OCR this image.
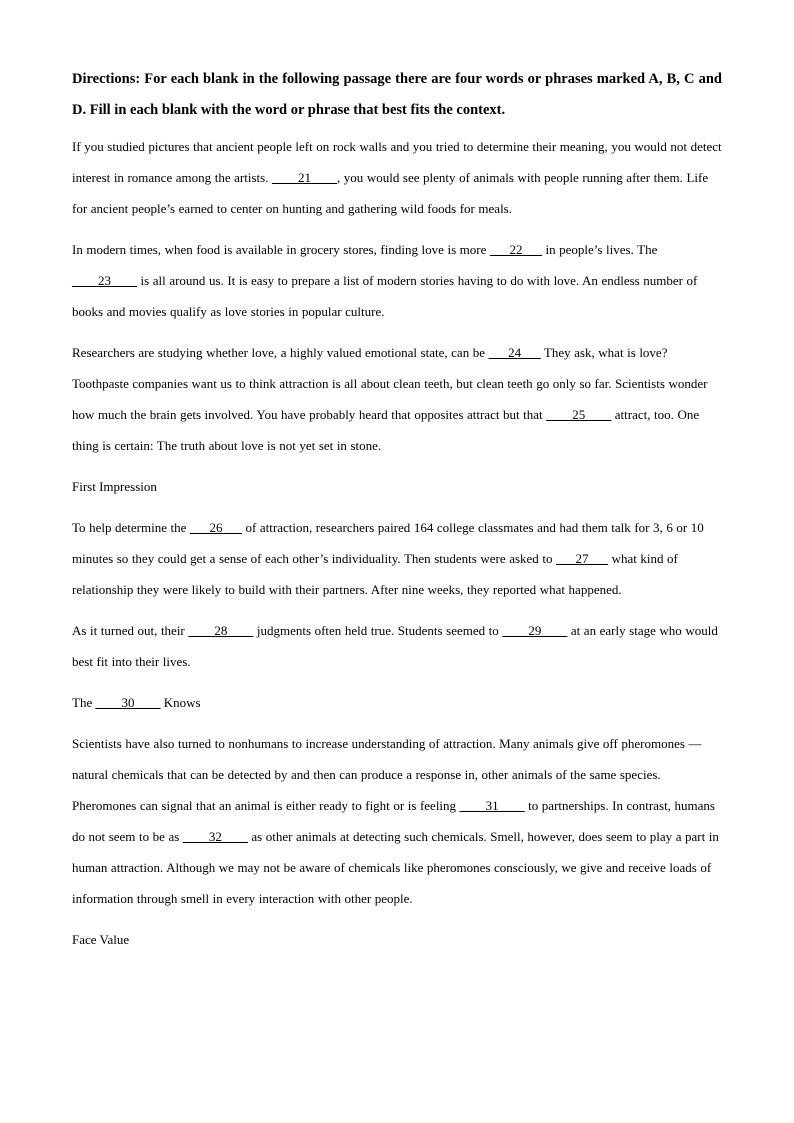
Directions: For each blank in the following passage there are four words or phrases marked A, B, C and D. Fill in each blank with the word or phrase that best fits the context.

If you studied pictures that ancient people left on rock walls and you tried to determine their meaning, you would not detect interest in romance among the artists. ____21____, you would see plenty of animals with people running after them. Life for ancient people’s earned to center on hunting and gathering wild foods for meals.

In modern times, when food is available in grocery stores, finding love is more ___22___ in people’s lives. The ____23____ is all around us. It is easy to prepare a list of modern stories having to do with love. An endless number of books and movies qualify as love stories in popular culture.

Researchers are studying whether love, a highly valued emotional state, can be ___24___ They ask, what is love? Toothpaste companies want us to think attraction is all about clean teeth, but clean teeth go only so far. Scientists wonder how much the brain gets involved. You have probably heard that opposites attract but that ____25____ attract, too. One thing is certain: The truth about love is not yet set in stone.

First Impression

To help determine the ___26___ of attraction, researchers paired 164 college classmates and had them talk for 3, 6 or 10 minutes so they could get a sense of each other’s individuality. Then students were asked to ___27___ what kind of relationship they were likely to build with their partners. After nine weeks, they reported what happened.

As it turned out, their ____28____ judgments often held true. Students seemed to ____29____ at an early stage who would best fit into their lives.

The ____30____ Knows

Scientists have also turned to nonhumans to increase understanding of attraction. Many animals give off pheromones — natural chemicals that can be detected by and then can produce a response in, other animals of the same species. Pheromones can signal that an animal is either ready to fight or is feeling ____31____ to partnerships. In contrast, humans do not seem to be as ____32____ as other animals at detecting such chemicals. Smell, however, does seem to play a part in human attraction. Although we may not be aware of chemicals like pheromones consciously, we give and receive loads of information through smell in every interaction with other people.

Face Value
